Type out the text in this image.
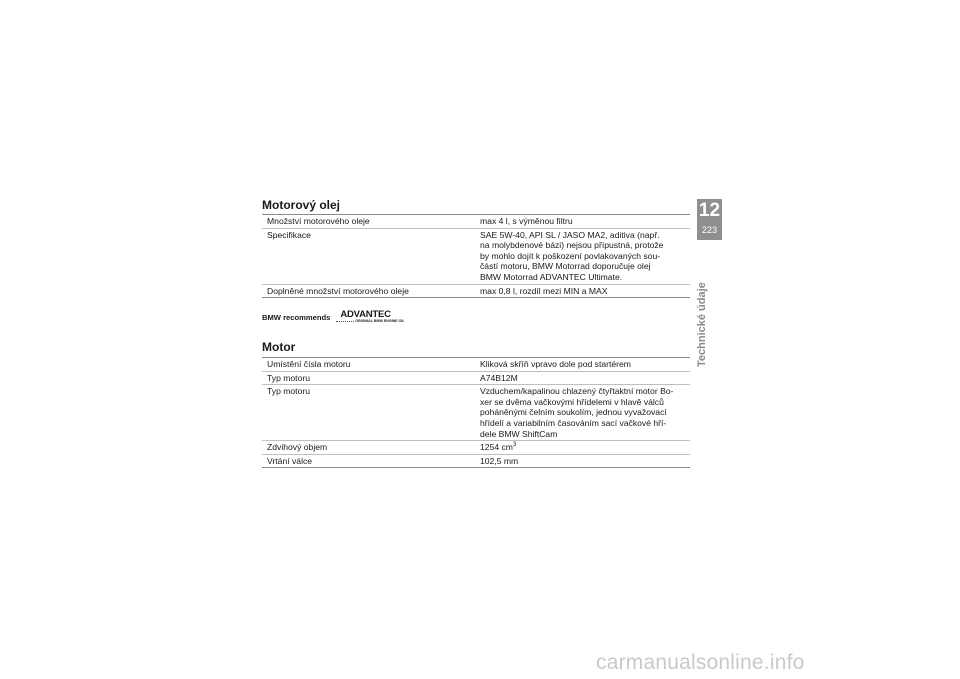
Motorový olej
Množství motorového oleje	max 4 l, s výměnou filtru
Specifikace	SAE 5W-40, API SL / JASO MA2, aditiva (např.
na molybdenové bázi) nejsou přípustná, protože
by mohlo dojít k poškození povlakovaných sou-
částí motoru, BMW Motorrad doporučuje olej
BMW Motorrad ADVANTEC Ultimate.
Doplněné množství motorového oleje	max 0,8 l, rozdíl mezi MIN a MAX
BMW recommends ADVANTEC
ORIGINAL BMW ENGINE OIL
Motor
Umístění čísla motoru	Kliková skříň vpravo dole pod startérem
Typ motoru	A74B12M
Typ motoru	Vzduchem/kapalinou chlazený čtyřtaktní motor Bo-
xer se dvěma vačkovými hřídelemi v hlavě válců
poháněnými čelním soukolím, jednou vyvažovací
hřídelí a variabilním časováním sací vačkové hří-
dele BMW ShiftCam
Zdvihový objem	1254 $cm^3$
Vrtání válce	102,5 mm
12
223
Technické údaje
carmanualsonline.info
